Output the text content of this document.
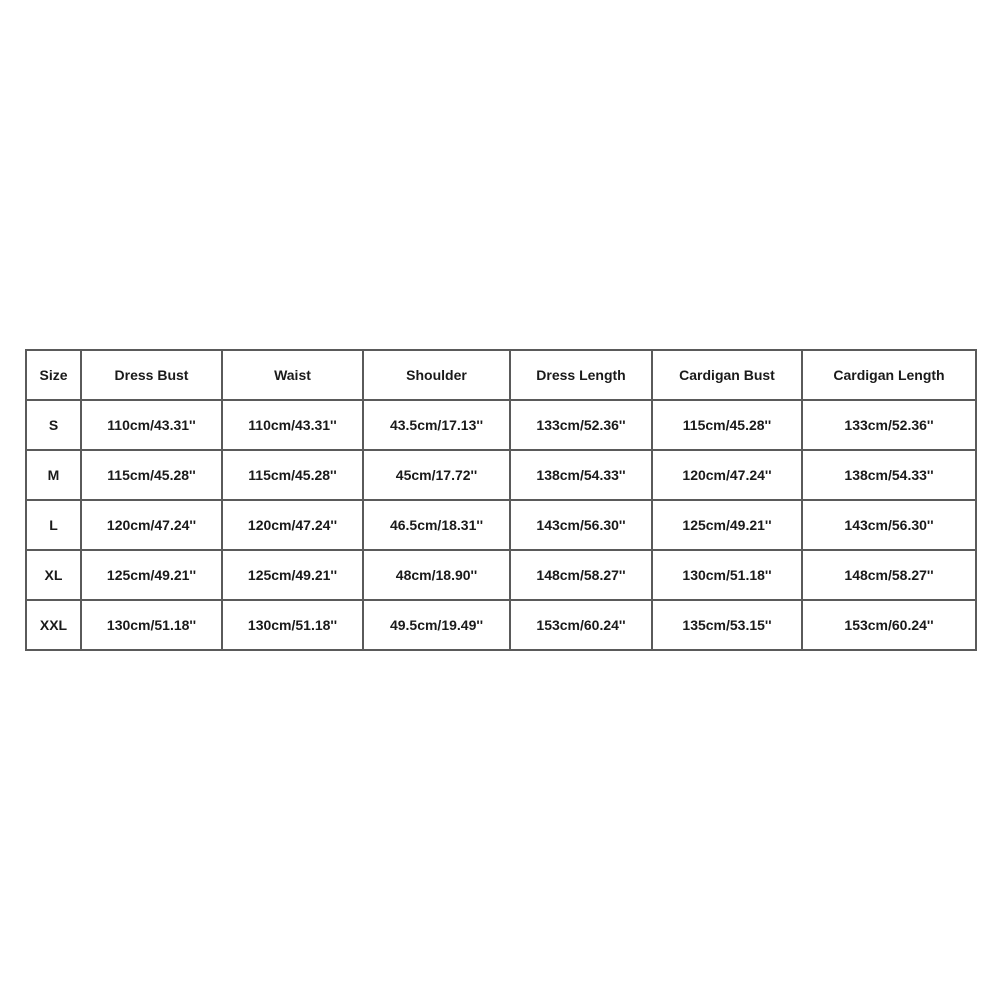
Size	Dress Bust	Waist	Shoulder	Dress Length	Cardigan Bust	Cardigan Length
S	110cm/43.31''	110cm/43.31''	43.5cm/17.13''	133cm/52.36''	115cm/45.28''	133cm/52.36''
M	115cm/45.28''	115cm/45.28''	45cm/17.72''	138cm/54.33''	120cm/47.24''	138cm/54.33''
L	120cm/47.24''	120cm/47.24''	46.5cm/18.31''	143cm/56.30''	125cm/49.21''	143cm/56.30''
XL	125cm/49.21''	125cm/49.21''	48cm/18.90''	148cm/58.27''	130cm/51.18''	148cm/58.27''
XXL	130cm/51.18''	130cm/51.18''	49.5cm/19.49''	153cm/60.24''	135cm/53.15''	153cm/60.24''
